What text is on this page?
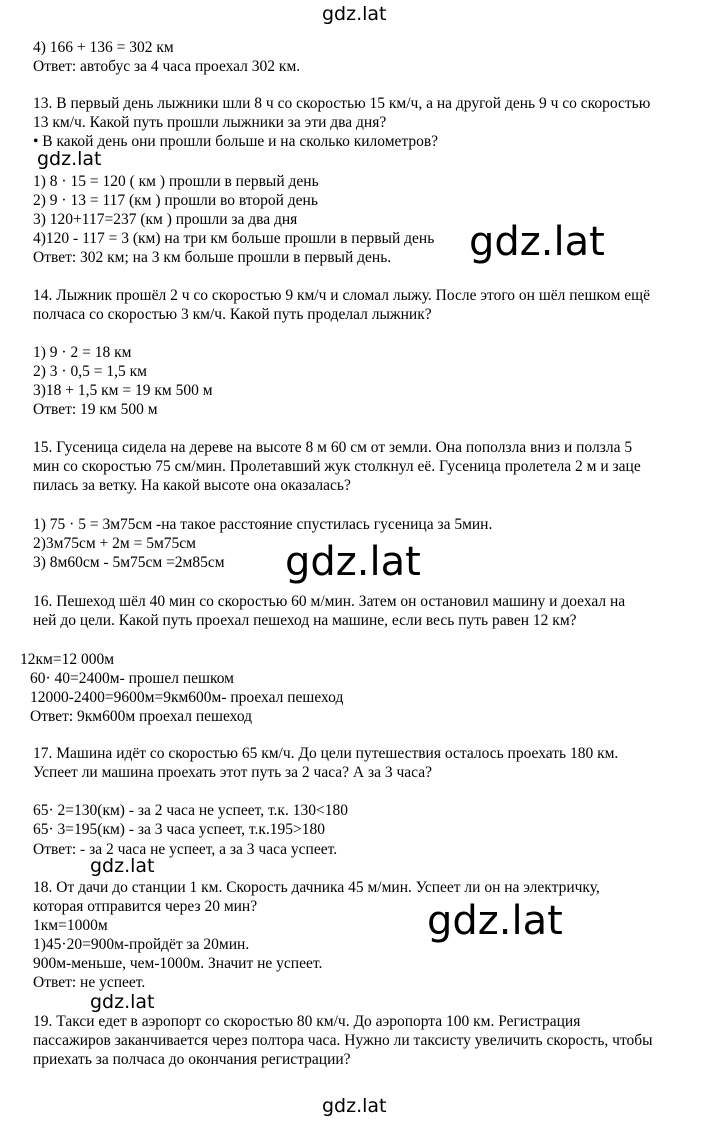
gdz.lat
4) 166 + 136 = 302 км
Ответ: автобус за 4 часа проехал 302 км.
13. В первый день лыжники шли 8 ч со скоростью 15 км/ч, а на другой день 9 ч со скоростью
13 км/ч. Какой путь прошли лыжники за эти два дня?
• В какой день они прошли больше и на сколько километров?
gdz.lat
1) 8 · 15 = 120 ( км ) прошли в первый день
2) 9 · 13 = 117 (км ) прошли во второй день
3) 120+117=237 (км ) прошли за два дня
4)120 - 117 = 3 (км) на три км больше прошли в первый день
Ответ: 302 км; на 3 км больше прошли в первый день. gdz.lat
14. Лыжник прошёл 2 ч со скоростью 9 км/ч и сломал лыжу. После этого он шёл пешком ещё
полчаса со скоростью 3 км/ч. Какой путь проделал лыжник?
1) 9 · 2 = 18 км
2) 3 · 0,5 = 1,5 км
3)18 + 1,5 км = 19 км 500 м
Ответ: 19 км 500 м
15. Гусеница сидела на дереве на высоте 8 м 60 см от земли. Она поползла вниз и ползла 5
мин со скоростью 75 см/мин. Пролетавший жук столкнул её. Гусеница пролетела 2 м и заце
пилась за ветку. На какой высоте она оказалась?
1) 75 · 5 = 3м75см -на такое расстояние спустилась гусеница за 5мин.
2)3м75см + 2м = 5м75см
3) 8м60см - 5м75см =2м85см gdz.lat
16. Пешеход шёл 40 мин со скоростью 60 м/мин. Затем он остановил машину и доехал на
ней до цели. Какой путь проехал пешеход на машине, если весь путь равен 12 км?
12км=12 000м
60· 40=2400м- прошел пешком
12000-2400=9600м=9км600м- проехал пешеход
Ответ: 9км600м проехал пешеход
17. Машина идёт со скоростью 65 км/ч. До цели путешествия осталось проехать 180 км.
Успеет ли машина проехать этот путь за 2 часа? А за 3 часа?
65· 2=130(км) - за 2 часа не успеет, т.к. 130<180
65· 3=195(км) - за 3 часа успеет, т.к.195>180
Ответ: - за 2 часа не успеет, а за 3 часа успеет.
gdz.lat
18. От дачи до станции 1 км. Скорость дачника 45 м/мин. Успеет ли он на электричку,
которая отправится через 20 мин?
1км=1000м
1)45·20=900м-пройдёт за 20мин.
900м-меньше, чем-1000м. Значит не успеет.
Ответ: не успеет.
gdz.lat
gdz.lat
19. Такси едет в аэропорт со скоростью 80 км/ч. До аэропорта 100 км. Регистрация
пассажиров заканчивается через полтора часа. Нужно ли таксисту увеличить скорость, чтобы
приехать за полчаса до окончания регистрации?
gdz.lat
